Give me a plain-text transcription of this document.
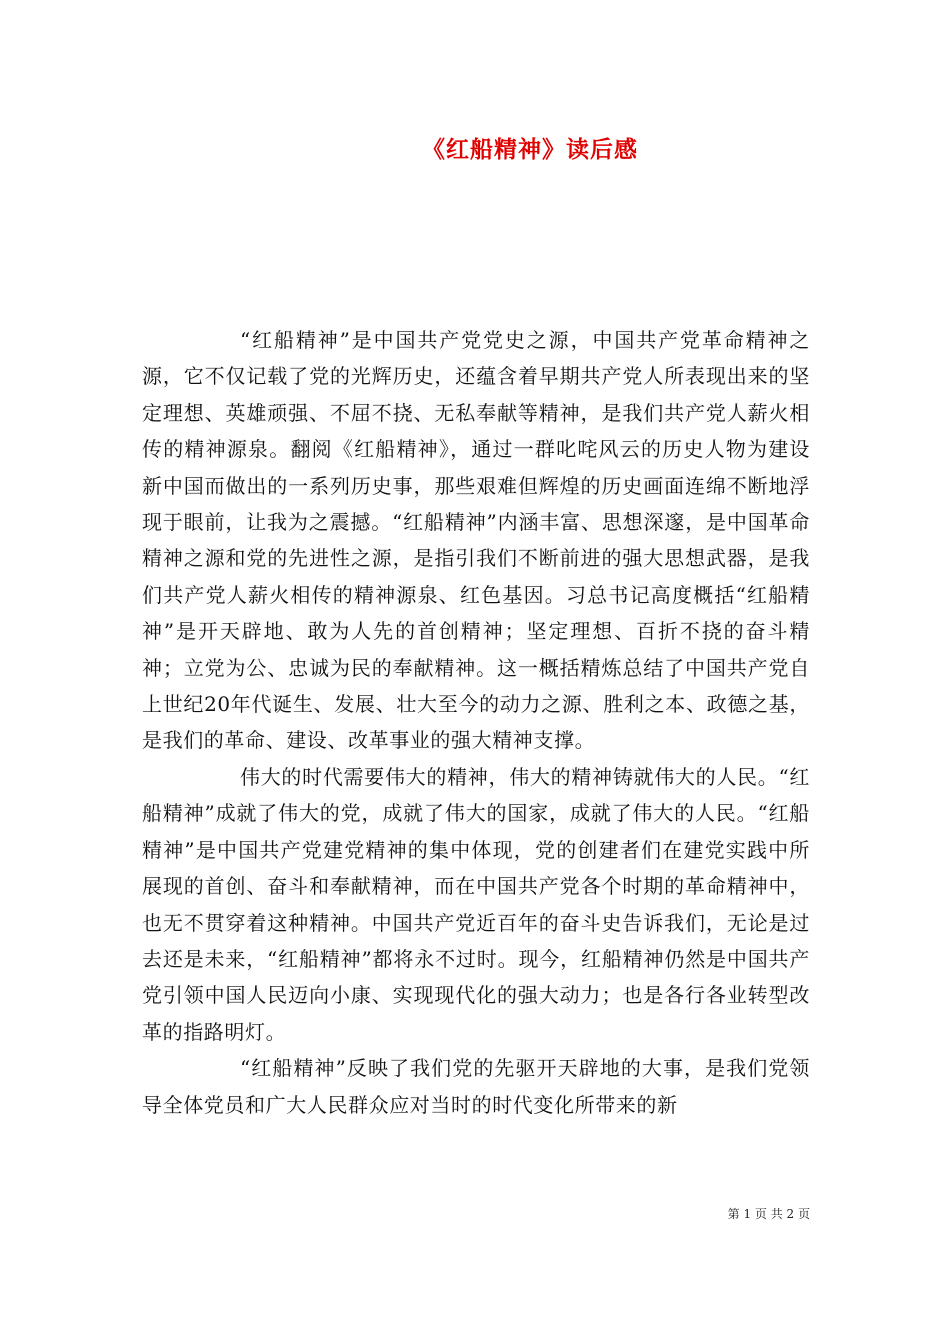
《红船精神》读后感

“红船精神”是中国共产党党史之源，中国共产党革命精神之源，它不仅记载了党的光辉历史，还蕴含着早期共产党人所表现出来的坚定理想、英雄顽强、不屈不挠、无私奉献等精神，是我们共产党人薪火相传的精神源泉。翻阅《红船精神》，通过一群叱咤风云的历史人物为建设新中国而做出的一系列历史事，那些艰难但辉煌的历史画面连绵不断地浮现于眼前，让我为之震撼。“红船精神”内涵丰富、思想深邃，是中国革命精神之源和党的先进性之源，是指引我们不断前进的强大思想武器，是我们共产党人薪火相传的精神源泉、红色基因。习总书记高度概括“红船精神”是开天辟地、敢为人先的首创精神；坚定理想、百折不挠的奋斗精神；立党为公、忠诚为民的奉献精神。这一概括精炼总结了中国共产党自上世纪20年代诞生、发展、壮大至今的动力之源、胜利之本、政德之基，是我们的革命、建设、改革事业的强大精神支撑。

伟大的时代需要伟大的精神，伟大的精神铸就伟大的人民。“红船精神”成就了伟大的党，成就了伟大的国家，成就了伟大的人民。“红船精神”是中国共产党建党精神的集中体现，党的创建者们在建党实践中所展现的首创、奋斗和奉献精神，而在中国共产党各个时期的革命精神中，也无不贯穿着这种精神。中国共产党近百年的奋斗史告诉我们，无论是过去还是未来，“红船精神”都将永不过时。现今，红船精神仍然是中国共产党引领中国人民迈向小康、实现现代化的强大动力；也是各行各业转型改革的指路明灯。

“红船精神”反映了我们党的先驱开天辟地的大事，是我们党领导全体党员和广大人民群众应对当时的时代变化所带来的新

第 1 页 共 2 页
